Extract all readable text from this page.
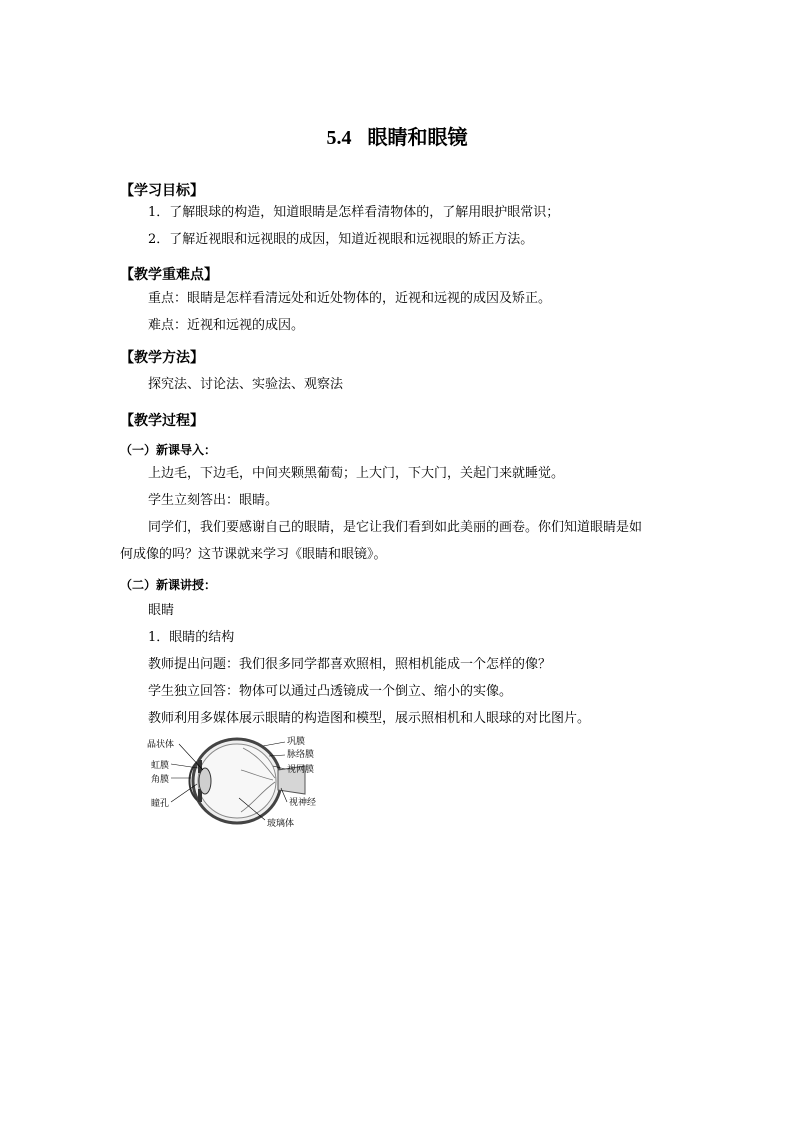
5.4 眼睛和眼镜
【学习目标】
1．了解眼球的构造，知道眼睛是怎样看清物体的，了解用眼护眼常识；
2．了解近视眼和远视眼的成因，知道近视眼和远视眼的矫正方法。
【教学重难点】
重点：眼睛是怎样看清远处和近处物体的，近视和远视的成因及矫正。
难点：近视和远视的成因。
【教学方法】
探究法、讨论法、实验法、观察法
【教学过程】
（一）新课导入：
上边毛，下边毛，中间夹颗黑葡萄；上大门，下大门，关起门来就睡觉。
学生立刻答出：眼睛。
同学们，我们要感谢自己的眼睛，是它让我们看到如此美丽的画卷。你们知道眼睛是如
何成像的吗？这节课就来学习《眼睛和眼镜》。
（二）新课讲授：
眼睛
1．眼睛的结构
教师提出问题：我们很多同学都喜欢照相，照相机能成一个怎样的像？
学生独立回答：物体可以通过凸透镜成一个倒立、缩小的实像。
教师利用多媒体展示眼睛的构造图和模型，展示照相机和人眼球的对比图片。
晶状体
虹膜
角膜
瞳孔
巩膜
脉络膜
视网膜
视神经
玻璃体
